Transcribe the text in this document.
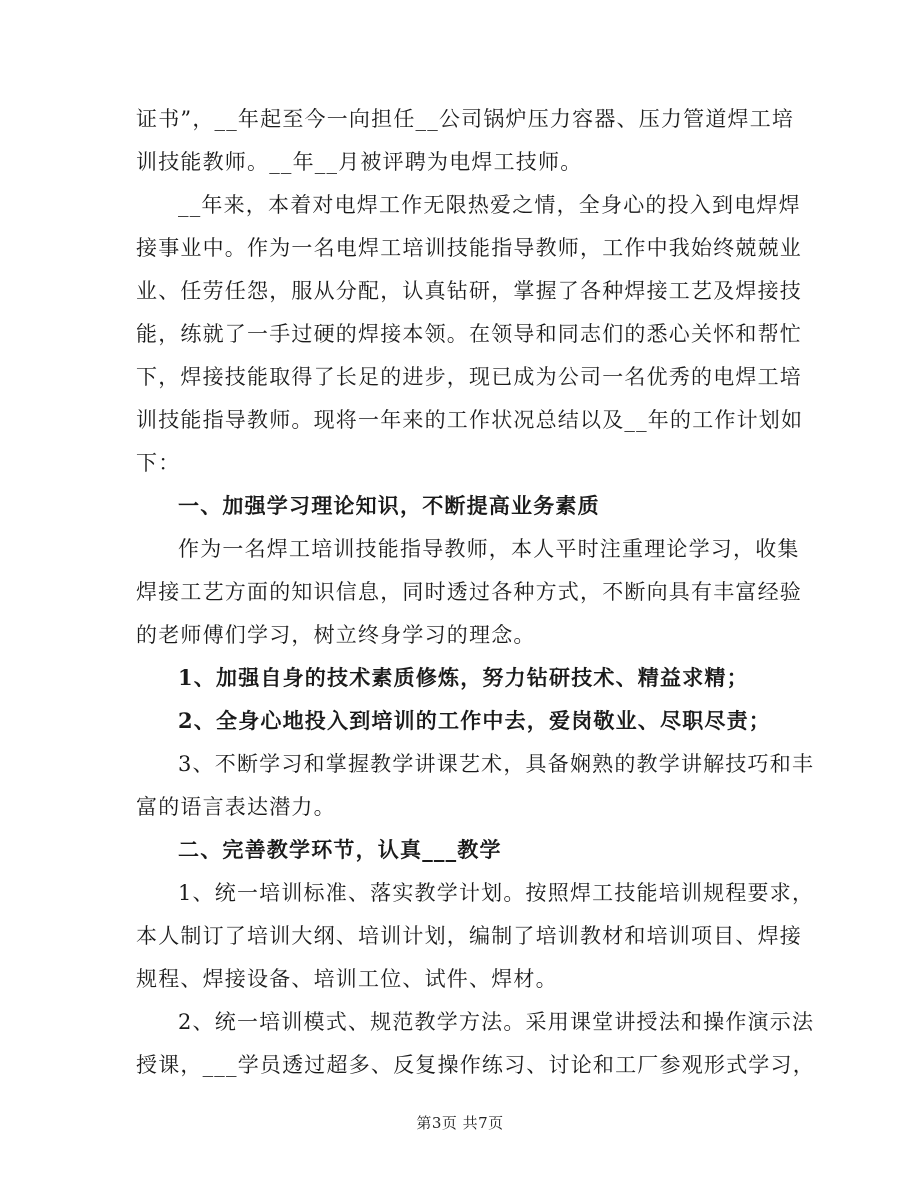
证书”，__年起至今一向担任__公司锅炉压力容器、压力管道焊工培
训技能教师。__年__月被评聘为电焊工技师。
__年来，本着对电焊工作无限热爱之情，全身心的投入到电焊焊
接事业中。作为一名电焊工培训技能指导教师，工作中我始终兢兢业
业、任劳任怨，服从分配，认真钻研，掌握了各种焊接工艺及焊接技
能，练就了一手过硬的焊接本领。在领导和同志们的悉心关怀和帮忙
下，焊接技能取得了长足的进步，现已成为公司一名优秀的电焊工培
训技能指导教师。现将一年来的工作状况总结以及__年的工作计划如
下：
一、加强学习理论知识，不断提高业务素质
作为一名焊工培训技能指导教师，本人平时注重理论学习，收集
焊接工艺方面的知识信息，同时透过各种方式，不断向具有丰富经验
的老师傅们学习，树立终身学习的理念。
1、加强自身的技术素质修炼，努力钻研技术、精益求精；
2、全身心地投入到培训的工作中去，爱岗敬业、尽职尽责；
3、不断学习和掌握教学讲课艺术，具备娴熟的教学讲解技巧和丰
富的语言表达潜力。
二、完善教学环节，认真___教学
1、统一培训标准、落实教学计划。按照焊工技能培训规程要求，
本人制订了培训大纲、培训计划，编制了培训教材和培训项目、焊接
规程、焊接设备、培训工位、试件、焊材。
2、统一培训模式、规范教学方法。采用课堂讲授法和操作演示法
授课，___学员透过超多、反复操作练习、讨论和工厂参观形式学习，
第3页 共7页
